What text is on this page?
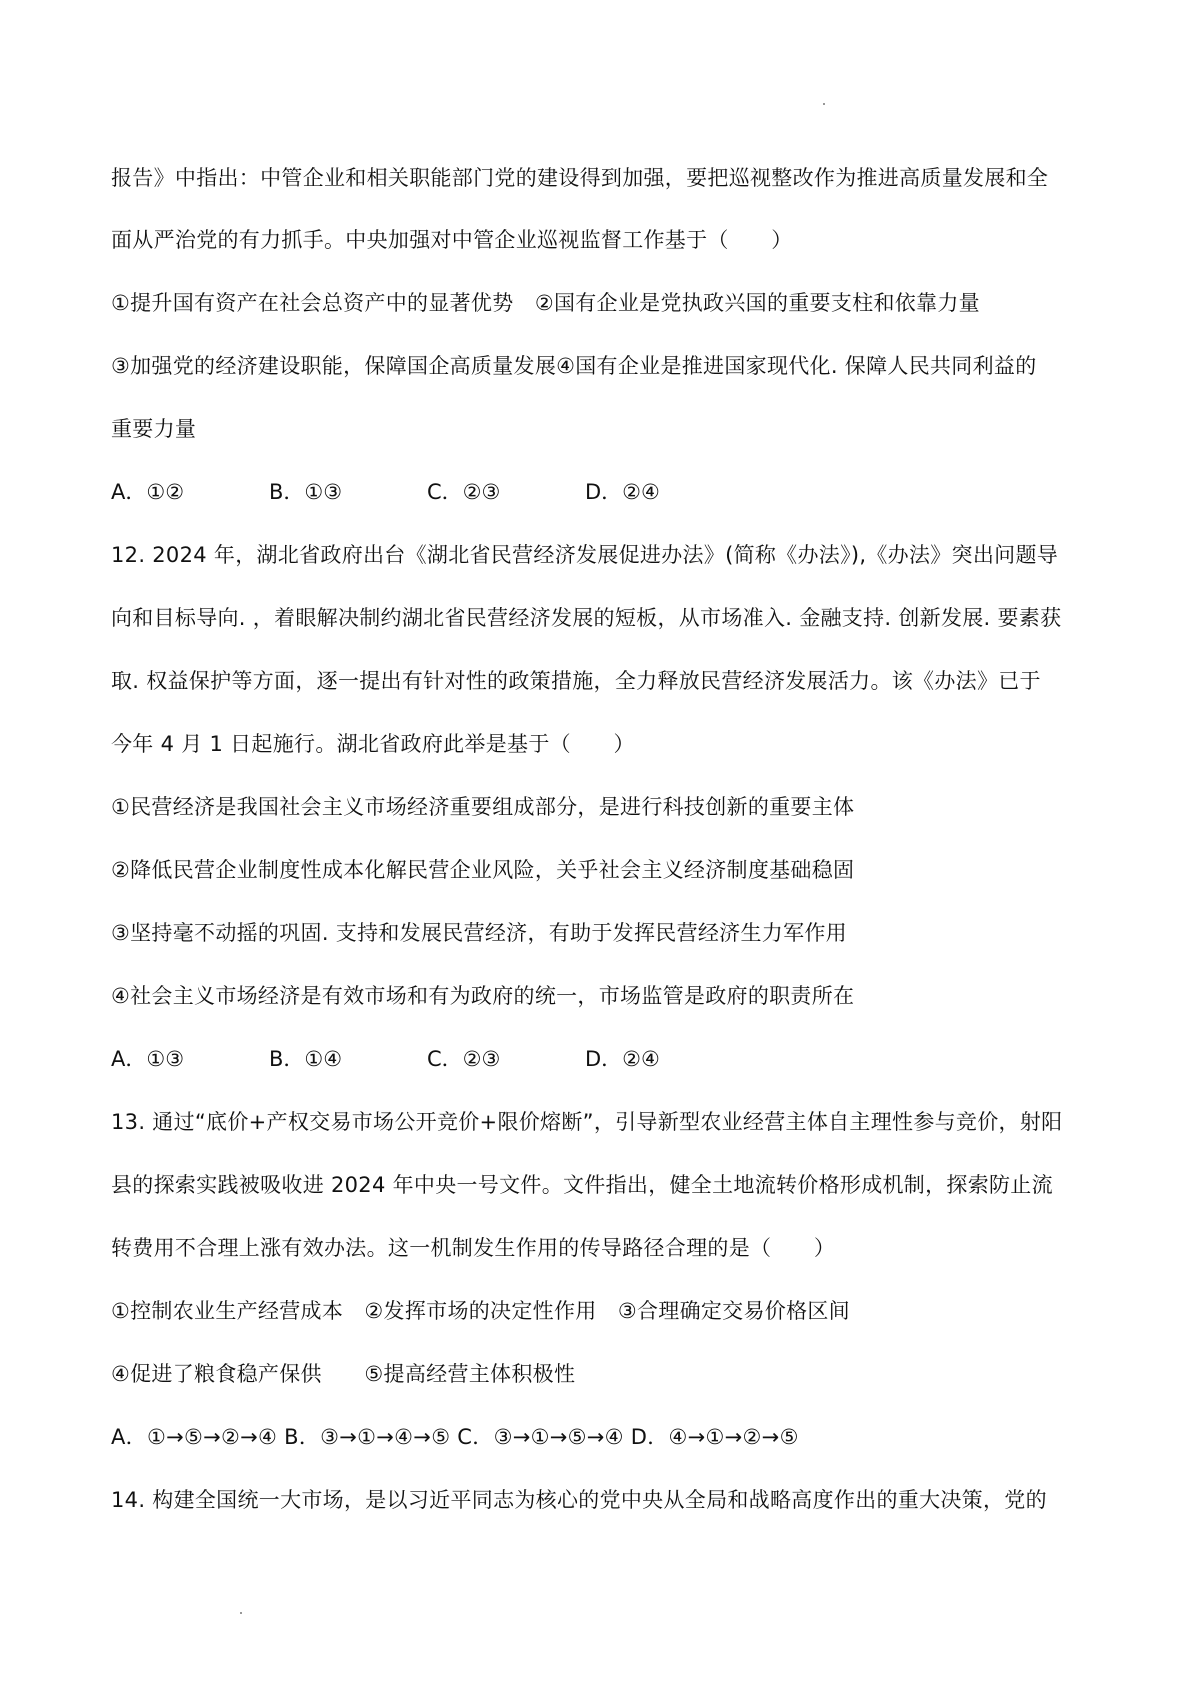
报告》中指出：中管企业和相关职能部门党的建设得到加强，要把巡视整改作为推进高质量发展和全
面从严治党的有力抓手。中央加强对中管企业巡视监督工作基于（　　）
①提升国有资产在社会总资产中的显著优势　②国有企业是党执政兴国的重要支柱和依靠力量
③加强党的经济建设职能，保障国企高质量发展④国有企业是推进国家现代化. 保障人民共同利益的
重要力量
A．①②	B．①③	C．②③	D．②④
12. 2024 年，湖北省政府出台《湖北省民营经济发展促进办法》(简称《办法》),《办法》突出问题导
向和目标导向. ，着眼解决制约湖北省民营经济发展的短板，从市场准入. 金融支持. 创新发展. 要素获
取. 权益保护等方面，逐一提出有针对性的政策措施，全力释放民营经济发展活力。该《办法》已于
今年 4 月 1 日起施行。湖北省政府此举是基于（　　）
①民营经济是我国社会主义市场经济重要组成部分，是进行科技创新的重要主体
②降低民营企业制度性成本化解民营企业风险，关乎社会主义经济制度基础稳固
③坚持毫不动摇的巩固. 支持和发展民营经济，有助于发挥民营经济生力军作用
④社会主义市场经济是有效市场和有为政府的统一，市场监管是政府的职责所在
A．①③	B．①④	C．②③	D．②④
13. 通过“底价+产权交易市场公开竞价+限价熔断”，引导新型农业经营主体自主理性参与竞价，射阳
县的探索实践被吸收进 2024 年中央一号文件。文件指出，健全土地流转价格形成机制，探索防止流
转费用不合理上涨有效办法。这一机制发生作用的传导路径合理的是（　　）
①控制农业生产经营成本　②发挥市场的决定性作用　③合理确定交易价格区间
④促进了粮食稳产保供　　⑤提高经营主体积极性
A．①→⑤→②→④ B．③→①→④→⑤ C．③→①→⑤→④ D．④→①→②→⑤
14. 构建全国统一大市场，是以习近平同志为核心的党中央从全局和战略高度作出的重大决策，党的
